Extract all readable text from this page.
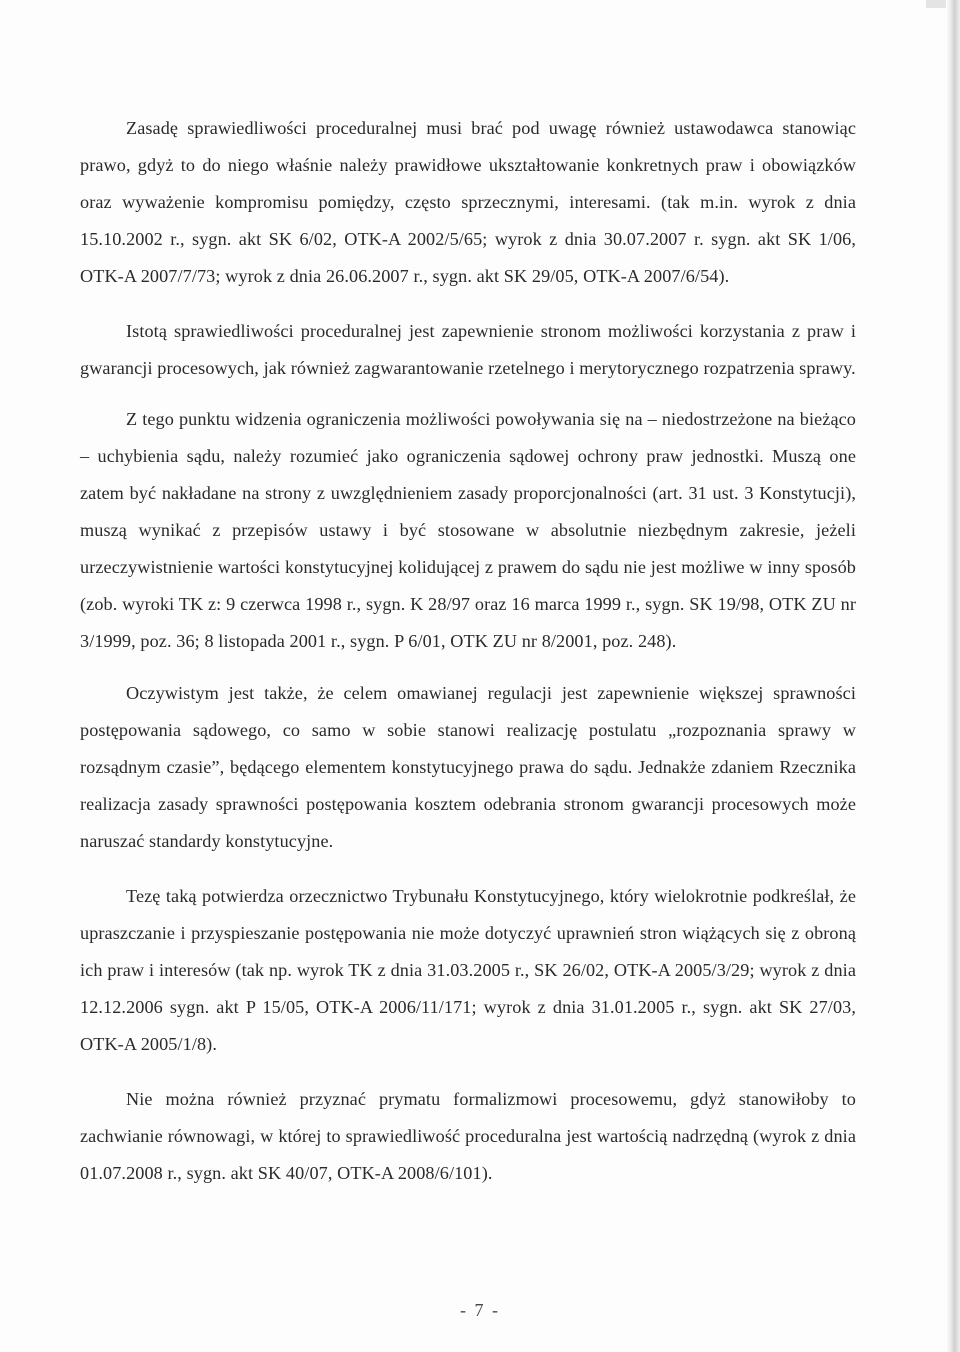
Zasadę sprawiedliwości proceduralnej musi brać pod uwagę również ustawodawca stanowiąc prawo, gdyż to do niego właśnie należy prawidłowe ukształtowanie konkretnych praw i obowiązków oraz wyważenie kompromisu pomiędzy, często sprzecznymi, interesami. (tak m.in. wyrok z dnia 15.10.2002 r., sygn. akt SK 6/02, OTK-A 2002/5/65; wyrok z dnia 30.07.2007 r. sygn. akt SK 1/06, OTK-A 2007/7/73; wyrok z dnia 26.06.2007 r., sygn. akt SK 29/05, OTK-A 2007/6/54).

Istotą sprawiedliwości proceduralnej jest zapewnienie stronom możliwości korzystania z praw i gwarancji procesowych, jak również zagwarantowanie rzetelnego i merytorycznego rozpatrzenia sprawy.

Z tego punktu widzenia ograniczenia możliwości powoływania się na – niedostrzeżone na bieżąco – uchybienia sądu, należy rozumieć jako ograniczenia sądowej ochrony praw jednostki. Muszą one zatem być nakładane na strony z uwzględnieniem zasady proporcjonalności (art. 31 ust. 3 Konstytucji), muszą wynikać z przepisów ustawy i być stosowane w absolutnie niezbędnym zakresie, jeżeli urzeczywistnienie wartości konstytucyjnej kolidującej z prawem do sądu nie jest możliwe w inny sposób (zob. wyroki TK z: 9 czerwca 1998 r., sygn. K 28/97 oraz 16 marca 1999 r., sygn. SK 19/98, OTK ZU nr 3/1999, poz. 36; 8 listopada 2001 r., sygn. P 6/01, OTK ZU nr 8/2001, poz. 248).

Oczywistym jest także, że celem omawianej regulacji jest zapewnienie większej sprawności postępowania sądowego, co samo w sobie stanowi realizację postulatu „rozpoznania sprawy w rozsądnym czasie”, będącego elementem konstytucyjnego prawa do sądu. Jednakże zdaniem Rzecznika realizacja zasady sprawności postępowania kosztem odebrania stronom gwarancji procesowych może naruszać standardy konstytucyjne.

Tezę taką potwierdza orzecznictwo Trybunału Konstytucyjnego, który wielokrotnie podkreślał, że upraszczanie i przyspieszanie postępowania nie może dotyczyć uprawnień stron wiążących się z obroną ich praw i interesów (tak np. wyrok TK z dnia 31.03.2005 r., SK 26/02, OTK-A 2005/3/29; wyrok z dnia 12.12.2006 sygn. akt P 15/05, OTK-A 2006/11/171; wyrok z dnia 31.01.2005 r., sygn. akt SK 27/03, OTK-A 2005/1/8).

Nie można również przyznać prymatu formalizmowi procesowemu, gdyż stanowiłoby to zachwianie równowagi, w której to sprawiedliwość proceduralna jest wartością nadrzędną (wyrok z dnia 01.07.2008 r., sygn. akt SK 40/07, OTK-A 2008/6/101).

- 7 -
